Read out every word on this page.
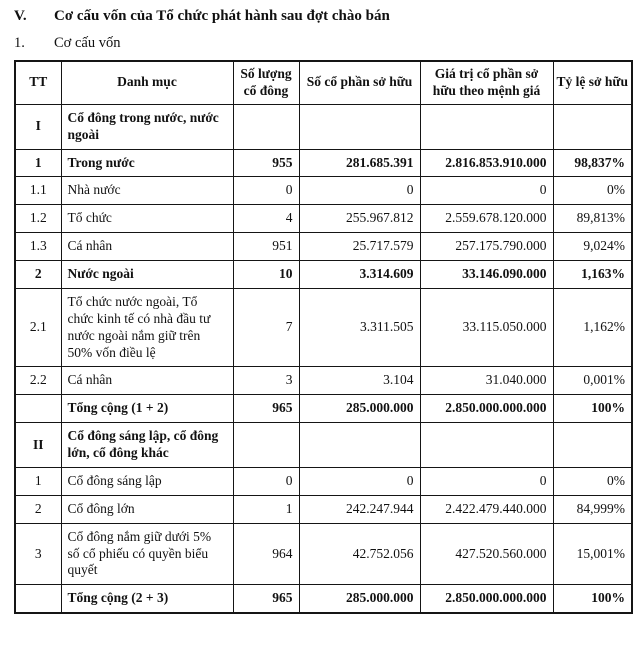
V.	Cơ cấu vốn của Tổ chức phát hành sau đợt chào bán
1.	Cơ cấu vốn
TT	Danh mục	Số lượng cổ đông	Số cổ phần sở hữu	Giá trị cổ phần sở hữu theo mệnh giá	Tỷ lệ sở hữu
I	Cổ đông trong nước, nước ngoài				
1	Trong nước	955	281.685.391	2.816.853.910.000	98,837%
1.1	Nhà nước	0	0	0	0%
1.2	Tổ chức	4	255.967.812	2.559.678.120.000	89,813%
1.3	Cá nhân	951	25.717.579	257.175.790.000	9,024%
2	Nước ngoài	10	3.314.609	33.146.090.000	1,163%
2.1	Tổ chức nước ngoài, Tổ chức kinh tế có nhà đầu tư nước ngoài nắm giữ trên 50% vốn điều lệ	7	3.311.505	33.115.050.000	1,162%
2.2	Cá nhân	3	3.104	31.040.000	0,001%
	Tổng cộng (1 + 2)	965	285.000.000	2.850.000.000.000	100%
II	Cổ đông sáng lập, cổ đông lớn, cổ đông khác				
1	Cổ đông sáng lập	0	0	0	0%
2	Cổ đông lớn	1	242.247.944	2.422.479.440.000	84,999%
3	Cổ đông nắm giữ dưới 5% số cổ phiếu có quyền biểu quyết	964	42.752.056	427.520.560.000	15,001%
	Tổng cộng (2 + 3)	965	285.000.000	2.850.000.000.000	100%
